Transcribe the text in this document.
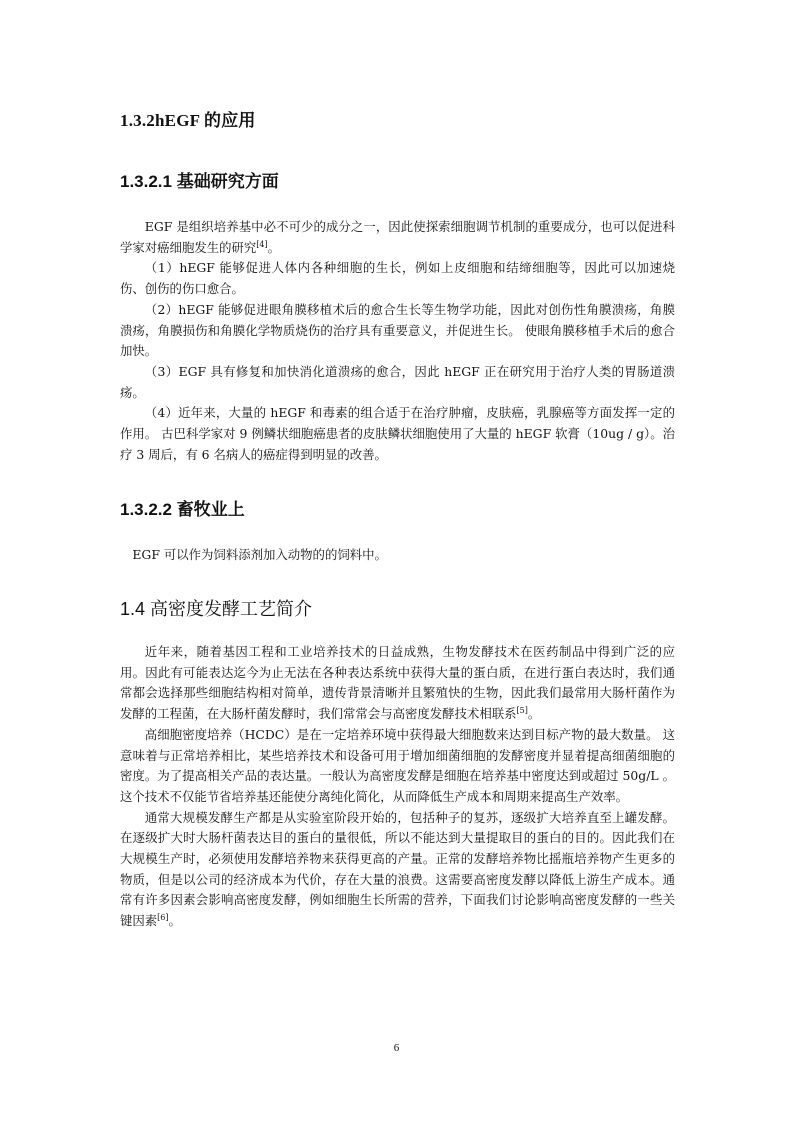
1.3.2hEGF 的应用
1.3.2.1 基础研究方面

EGF 是组织培养基中必不可少的成分之一，因此使探索细胞调节机制的重要成分，也可以促进科学家对癌细胞发生的研究[4]。

（1）hEGF 能够促进人体内各种细胞的生长，例如上皮细胞和结缔细胞等，因此可以加速烧伤、创伤的伤口愈合。

（2）hEGF 能够促进眼角膜移植术后的愈合生长等生物学功能，因此对创伤性角膜溃疡，角膜溃疡，角膜损伤和角膜化学物质烧伤的治疗具有重要意义，并促进生长。 使眼角膜移植手术后的愈合加快。

（3）EGF 具有修复和加快消化道溃疡的愈合，因此 hEGF 正在研究用于治疗人类的胃肠道溃疡。

（4）近年来，大量的 hEGF 和毒素的组合适于在治疗肿瘤，皮肤癌，乳腺癌等方面发挥一定的作用。 古巴科学家对 9 例鳞状细胞癌患者的皮肤鳞状细胞使用了大量的 hEGF 软膏（10ug / g）。治疗 3 周后，有 6 名病人的癌症得到明显的改善。

1.3.2.2 畜牧业上

EGF 可以作为饲料添剂加入动物的的饲料中。

1.4 高密度发酵工艺简介

近年来，随着基因工程和工业培养技术的日益成熟，生物发酵技术在医药制品中得到广泛的应用。因此有可能表达迄今为止无法在各种表达系统中获得大量的蛋白质，在进行蛋白表达时，我们通常都会选择那些细胞结构相对简单，遗传背景清晰并且繁殖快的生物，因此我们最常用大肠杆菌作为发酵的工程菌，在大肠杆菌发酵时，我们常常会与高密度发酵技术相联系[5]。

高细胞密度培养（HCDC）是在一定培养环境中获得最大细胞数来达到目标产物的最大数量。 这意味着与正常培养相比，某些培养技术和设备可用于增加细菌细胞的发酵密度并显着提高细菌细胞的密度。为了提高相关产品的表达量。一般认为高密度发酵是细胞在培养基中密度达到或超过 50g/L 。这个技术不仅能节省培养基还能使分离纯化简化，从而降低生产成本和周期来提高生产效率。

通常大规模发酵生产都是从实验室阶段开始的，包括种子的复苏，逐级扩大培养直至上罐发酵。在逐级扩大时大肠杆菌表达目的蛋白的量很低，所以不能达到大量提取目的蛋白的目的。因此我们在大规模生产时，必须使用发酵培养物来获得更高的产量。正常的发酵培养物比摇瓶培养物产生更多的物质，但是以公司的经济成本为代价，存在大量的浪费。这需要高密度发酵以降低上游生产成本。通常有许多因素会影响高密度发酵，例如细胞生长所需的营养，下面我们讨论影响高密度发酵的一些关键因素[6]。

6
